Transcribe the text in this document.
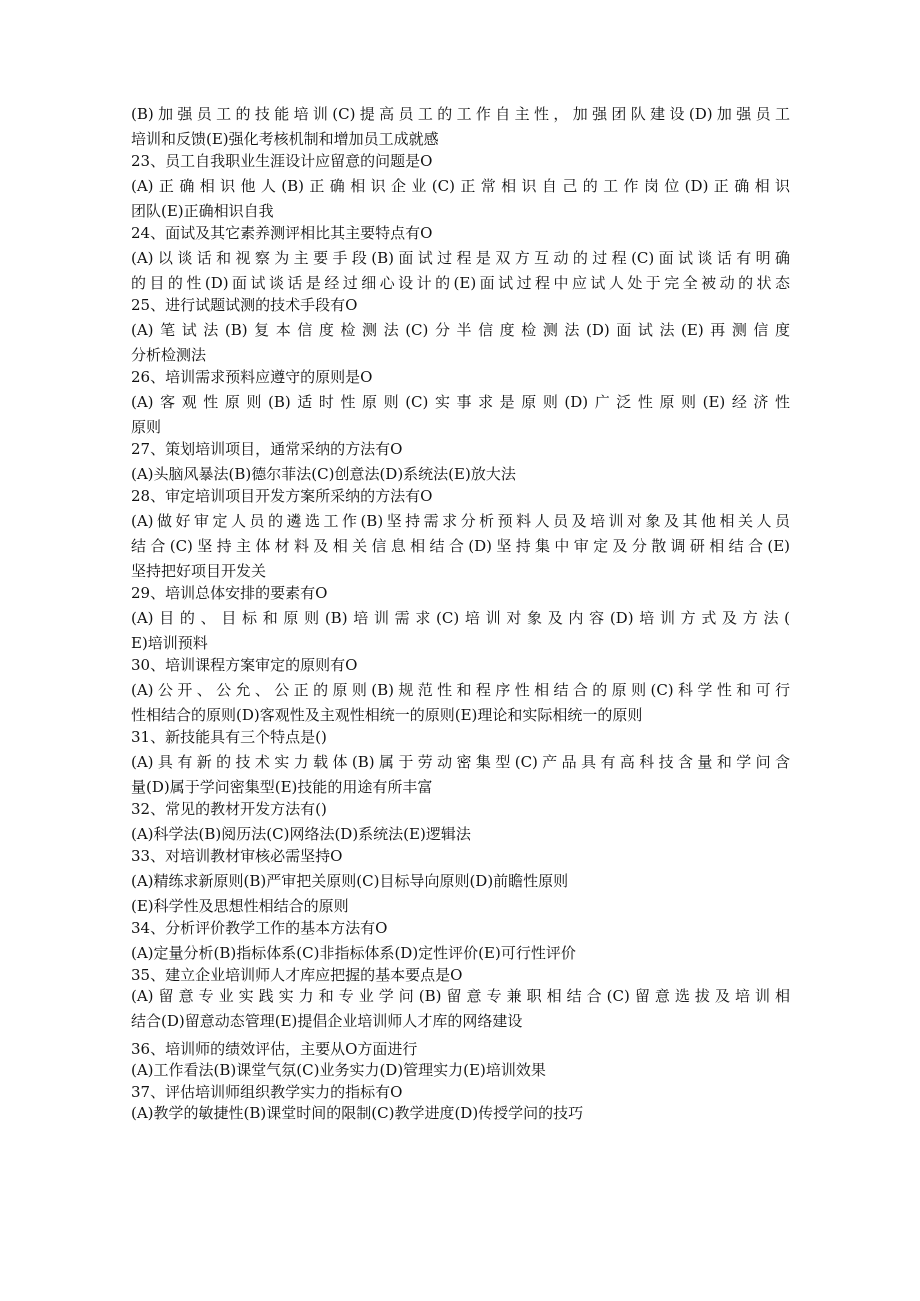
(B)加强员工的技能培训(C)提高员工的工作自主性，加强团队建设(D)加强员工
培训和反馈(E)强化考核机制和增加员工成就感
23、员工自我职业生涯设计应留意的问题是O
(A)正确相识他人(B)正确相识企业(C)正常相识自己的工作岗位(D)正确相识
团队(E)正确相识自我
24、面试及其它素养测评相比其主要特点有O
(A)以谈话和视察为主要手段(B)面试过程是双方互动的过程(C)面试谈话有明确
的目的性(D)面试谈话是经过细心设计的(E)面试过程中应试人处于完全被动的状态
25、进行试题试测的技术手段有O
(A)笔试法(B)复本信度检测法(C)分半信度检测法(D)面试法(E)再测信度
分析检测法
26、培训需求预料应遵守的原则是O
(A)客观性原则(B)适时性原则(C)实事求是原则(D)广泛性原则(E)经济性
原则
27、策划培训项目，通常采纳的方法有O
(A)头脑风暴法(B)德尔菲法(C)创意法(D)系统法(E)放大法
28、审定培训项目开发方案所采纳的方法有O
(A)做好审定人员的遴选工作(B)坚持需求分析预料人员及培训对象及其他相关人员
结合(C)坚持主体材料及相关信息相结合(D)坚持集中审定及分散调研相结合(E)
坚持把好项目开发关
29、培训总体安排的要素有O
(A)目的、目标和原则(B)培训需求(C)培训对象及内容(D)培训方式及方法(
E)培训预料
30、培训课程方案审定的原则有O
(A)公开、公允、公正的原则(B)规范性和程序性相结合的原则(C)科学性和可行
性相结合的原则(D)客观性及主观性相统一的原则(E)理论和实际相统一的原则
31、新技能具有三个特点是()
(A)具有新的技术实力载体(B)属于劳动密集型(C)产品具有高科技含量和学问含
量(D)属于学问密集型(E)技能的用途有所丰富
32、常见的教材开发方法有()
(A)科学法(B)阅历法(C)网络法(D)系统法(E)逻辑法
33、对培训教材审核必需坚持O
(A)精练求新原则(B)严审把关原则(C)目标导向原则(D)前瞻性原则
(E)科学性及思想性相结合的原则
34、分析评价教学工作的基本方法有O
(A)定量分析(B)指标体系(C)非指标体系(D)定性评价(E)可行性评价
35、建立企业培训师人才库应把握的基本要点是O
(A)留意专业实践实力和专业学问(B)留意专兼职相结合(C)留意选拔及培训相
结合(D)留意动态管理(E)提倡企业培训师人才库的网络建设
36、培训师的绩效评估，主要从O方面进行
(A)工作看法(B)课堂气氛(C)业务实力(D)管理实力(E)培训效果
37、评估培训师组织教学实力的指标有O
(A)教学的敏捷性(B)课堂时间的限制(C)教学进度(D)传授学问的技巧
